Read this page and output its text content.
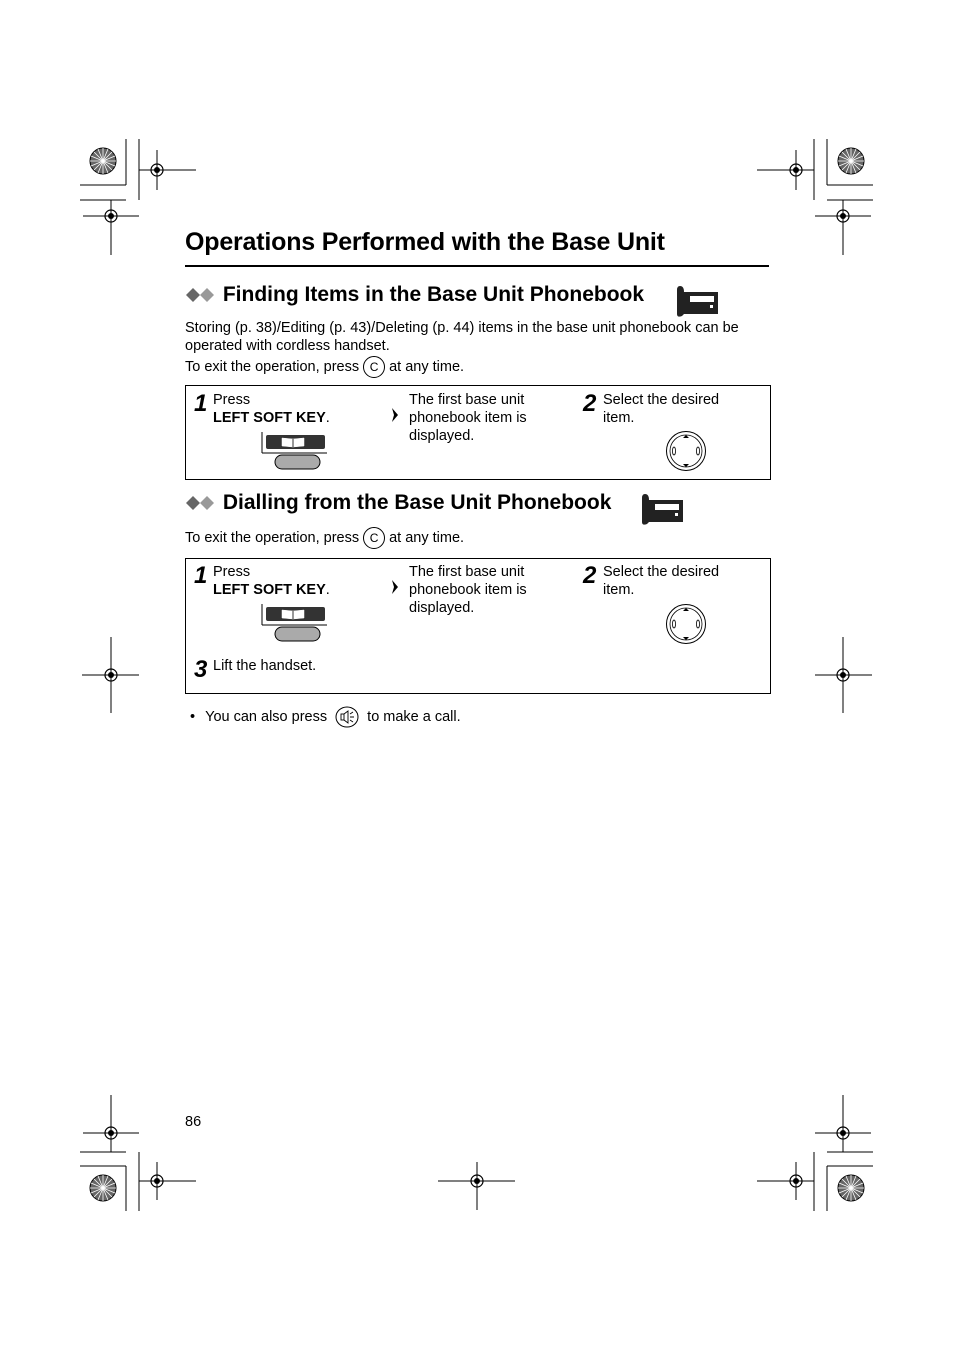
Operations Performed with the Base Unit
Finding Items in the Base Unit Phonebook
Storing (p. 38)/Editing (p. 43)/Deleting (p. 44) items in the base unit phonebook can be
operated with cordless handset.
To exit the operation, press C at any time.
1 Press
LEFT SOFT KEY.
The first base unit
phonebook item is
displayed.
2 Select the desired
item.
Dialling from the Base Unit Phonebook
To exit the operation, press C at any time.
1 Press
LEFT SOFT KEY.
The first base unit
phonebook item is
displayed.
2 Select the desired
item.
3 Lift the handset.
• You can also press	to make a call.
86
